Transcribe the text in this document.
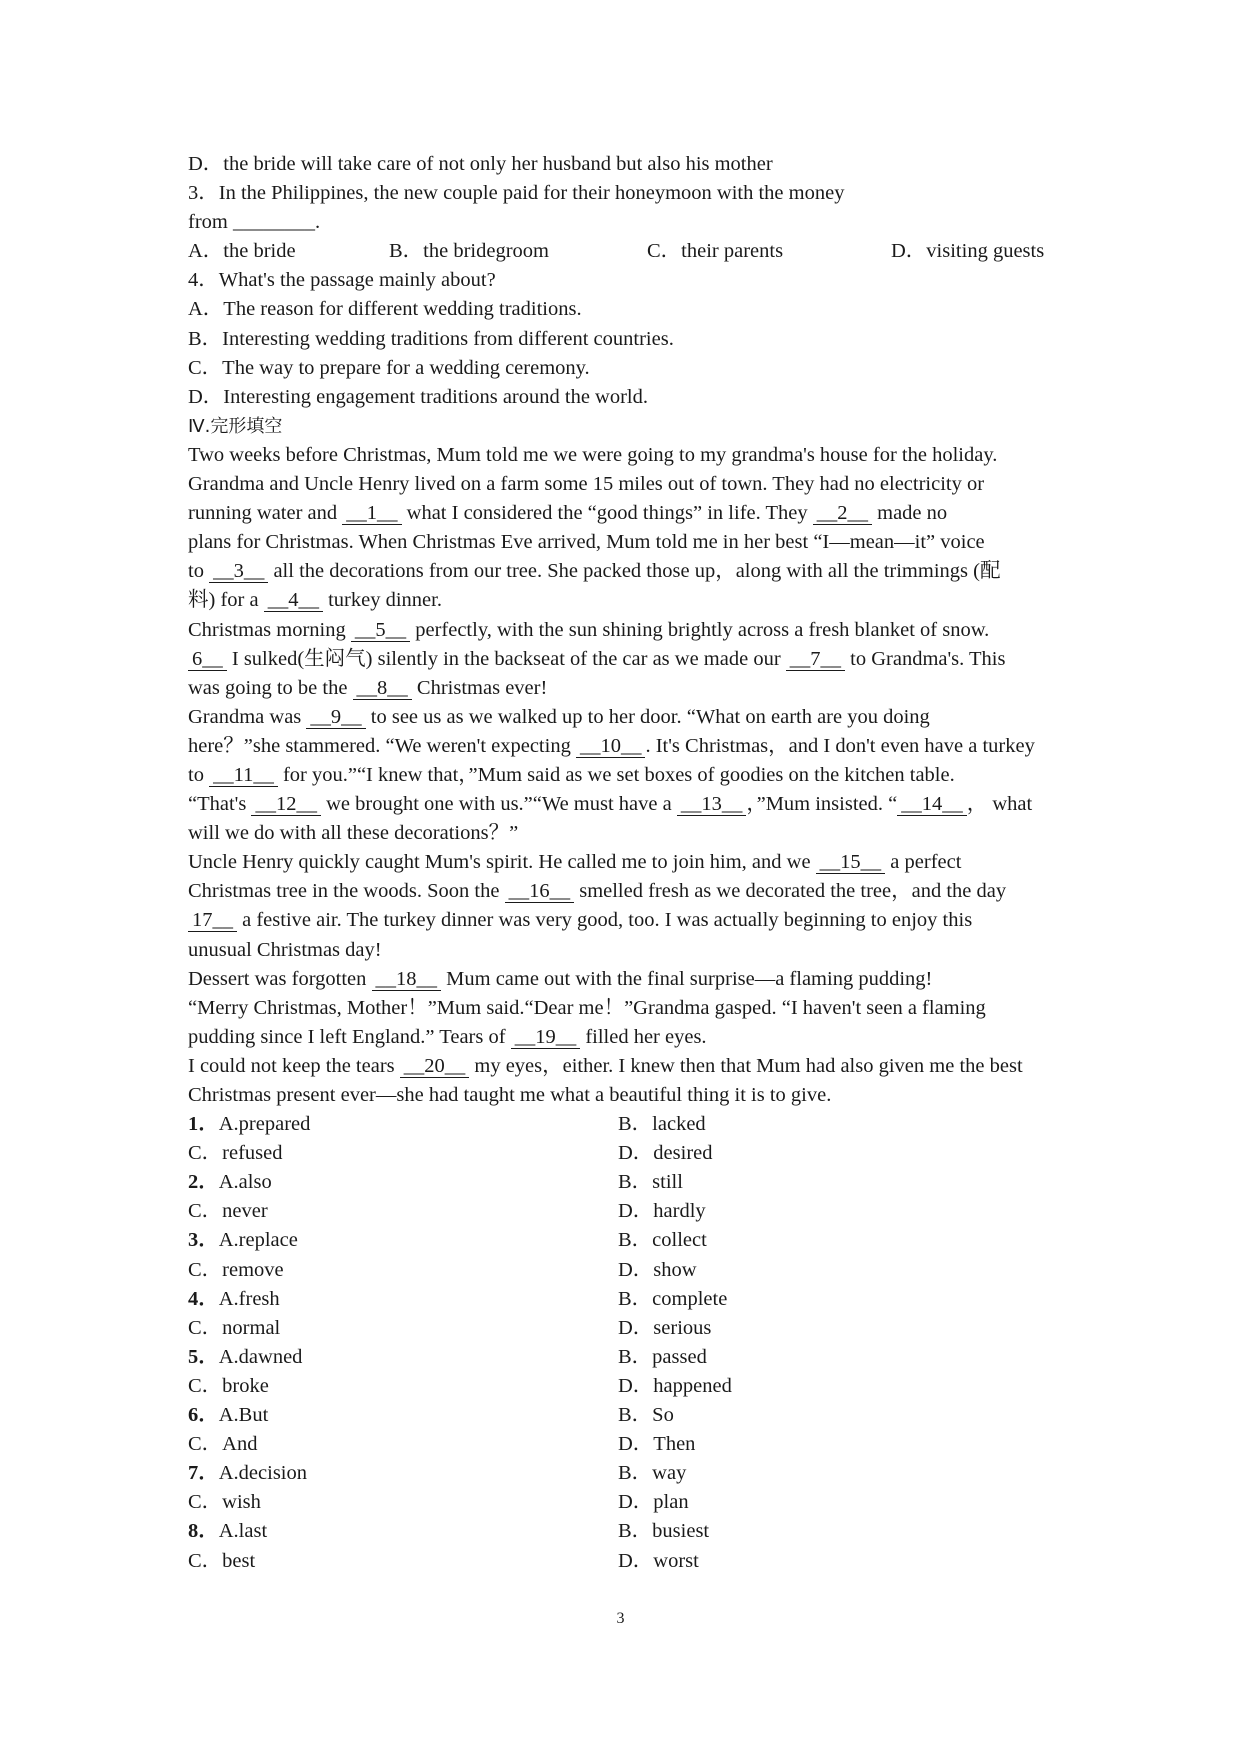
D．the bride will take care of not only her husband but also his mother
3．In the Philippines, the new couple paid for their honeymoon with the money
from ________.
A．the bride	B．the bridegroom	C．their parents	D．visiting guests
4．What's the passage mainly about?
A．The reason for different wedding traditions.
B．Interesting wedding traditions from different countries.
C．The way to prepare for a wedding ceremony.
D．Interesting engagement traditions around the world.
Ⅳ.完形填空
Two weeks before Christmas, Mum told me we were going to my grandma's house for the holiday.
Grandma and Uncle Henry lived on a farm some 15 miles out of town. They had no electricity or
running water and __1__ what I considered the “good things” in life. They __2__ made no
plans for Christmas. When Christmas Eve arrived, Mum told me in her best “I—mean—it” voice
to __3__ all the decorations from our tree. She packed those up，along with all the trimmings (配
料) for a __4__ turkey dinner.
Christmas morning __5__ perfectly, with the sun shining brightly across a fresh blanket of snow.
6__ I sulked(生闷气) silently in the backseat of the car as we made our __7__ to Grandma's. This
was going to be the __8__ Christmas ever!
Grandma was __9__ to see us as we walked up to her door. “What on earth are you doing
here？”she stammered. “We weren't expecting __10__ . It's Christmas，and I don't even have a turkey
to __11__ for you.”“I knew that，”Mum said as we set boxes of goodies on the kitchen table.
“That's __12__ we brought one with us.”“We must have a __13__ ，”Mum insisted. “ __14__ ， what
will we do with all these decorations？”
Uncle Henry quickly caught Mum's spirit. He called me to join him, and we __15__ a perfect
Christmas tree in the woods. Soon the __16__ smelled fresh as we decorated the tree，and the day
17__ a festive air. The turkey dinner was very good, too. I was actually beginning to enjoy this
unusual Christmas day!
Dessert was forgotten __18__ Mum came out with the final surprise—a flaming pudding!
“Merry Christmas, Mother！”Mum said.“Dear me！”Grandma gasped. “I haven't seen a flaming
pudding since I left England.” Tears of __19__ filled her eyes.
I could not keep the tears __20__ my eyes，either. I knew then that Mum had also given me the best
Christmas present ever—she had taught me what a beautiful thing it is to give.
1．A.prepared	B．lacked
C．refused	D．desired
2．A.also	B．still
C．never	D．hardly
3．A.replace	B．collect
C．remove	D．show
4．A.fresh	B．complete
C．normal	D．serious
5．A.dawned	B．passed
C．broke	D．happened
6．A.But	B．So
C．And	D．Then
7．A.decision	B．way
C．wish	D．plan
8．A.last	B．busiest
C．best	D．worst
3
